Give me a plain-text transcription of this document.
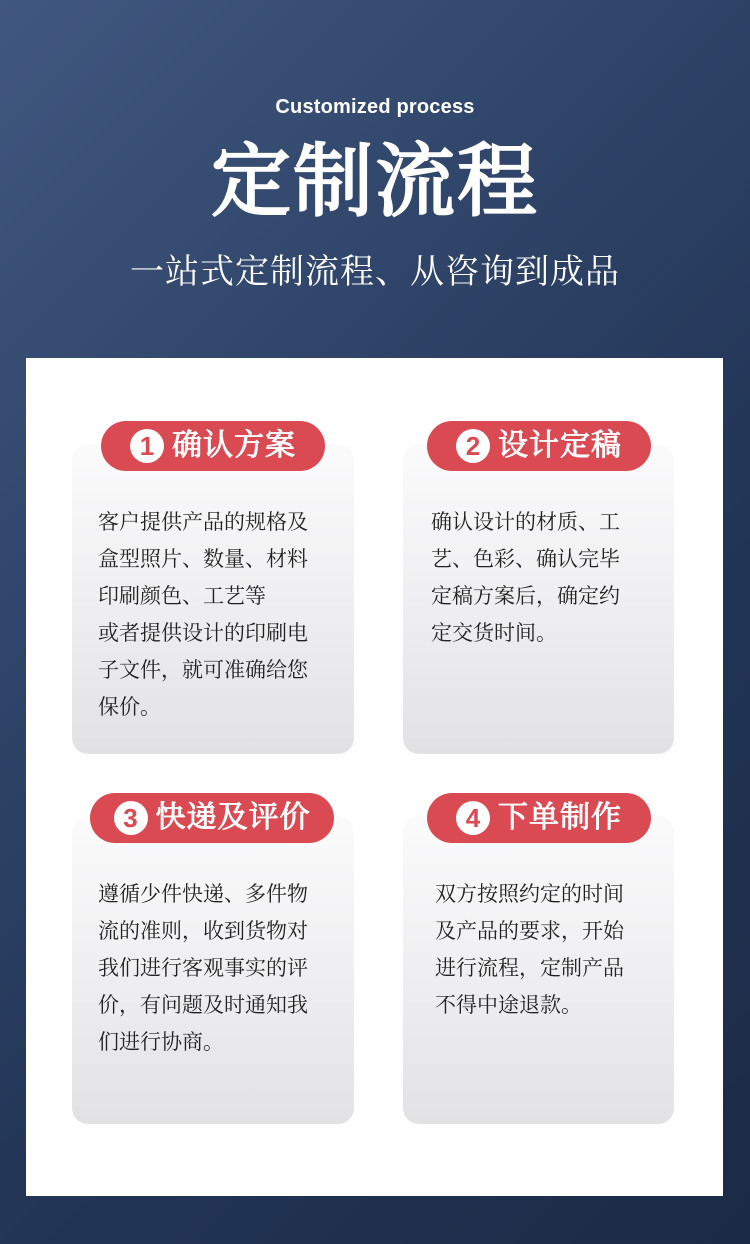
Customized process
定制流程
一站式定制流程、从咨询到成品
客户提供产品的规格及
盒型照片、数量、材料
印刷颜色、工艺等
或者提供设计的印刷电
子文件，就可准确给您
保价。
1 确认方案
确认设计的材质、工
艺、色彩、确认完毕
定稿方案后，确定约
定交货时间。
2 设计定稿
遵循少件快递、多件物
流的准则，收到货物对
我们进行客观事实的评
价，有问题及时通知我
们进行协商。
3 快递及评价
双方按照约定的时间
及产品的要求，开始
进行流程，定制产品
不得中途退款。
4 下单制作
